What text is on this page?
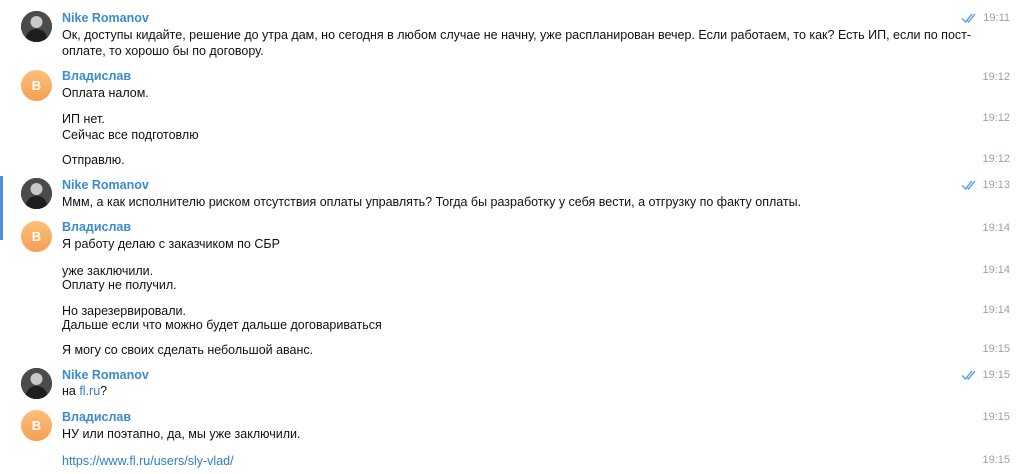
Nike Romanov
Ок, доступы кидайте, решение до утра дам, но сегодня в любом случае не начну, уже распланирован вечер. Если работаем, то как? Есть ИП, если по пост-
оплате, то хорошо бы по договору.
19:11
В
Владислав
Оплата налом.
19:12
ИП нет.
Сейчас все подготовлю
19:12
Отправлю.	19:12
Nike Romanov
Ммм, а как исполнителю риском отсутствия оплаты управлять? Тогда бы разработку у себя вести, а отгрузку по факту оплаты.
19:13
В
Владислав
Я работу делаю с заказчиком по СБР
19:14
уже заключили.
Оплату не получил.
19:14
Но зарезервировали.
Дальше если что можно будет дальше договариваться
19:14
Я могу со своих сделать небольшой аванс.	19:15
Nike Romanov
на fl.ru?
19:15
В
Владислав
НУ или поэтапно, да, мы уже заключили.
19:15
https://www.fl.ru/users/sly-vlad/	19:15
